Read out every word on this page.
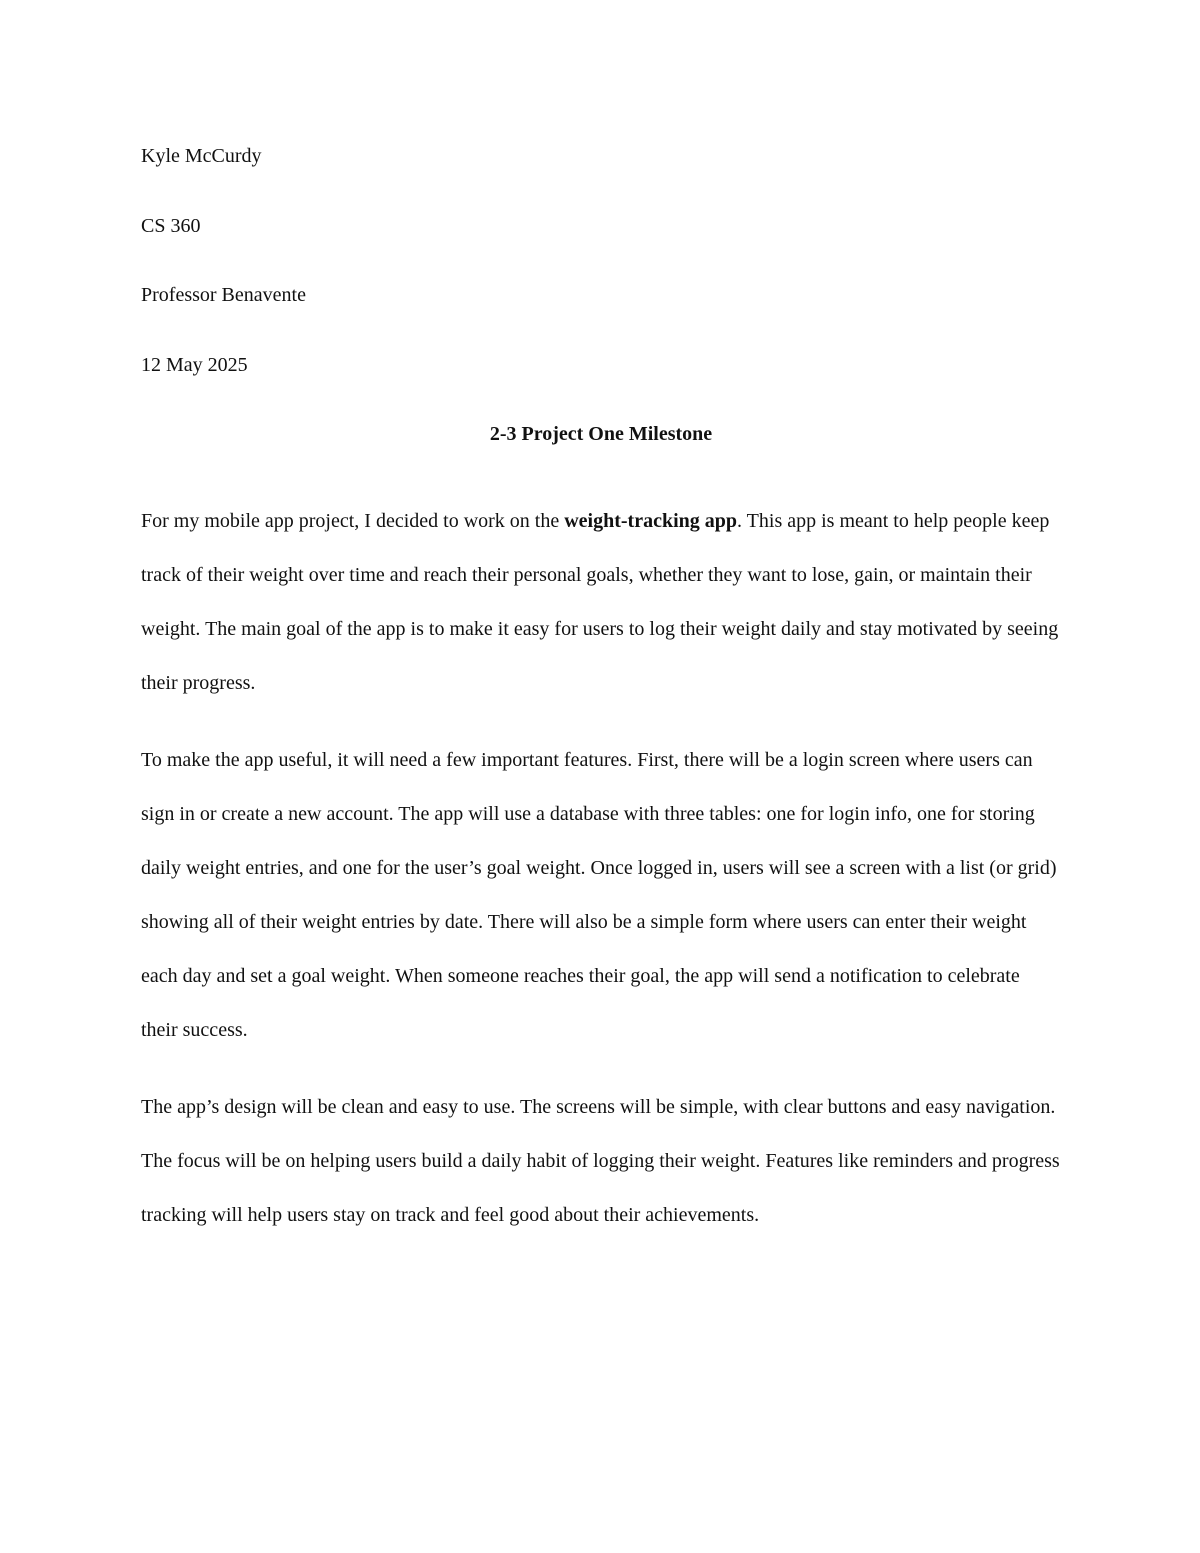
Kyle McCurdy

CS 360

Professor Benavente

12 May 2025

2-3 Project One Milestone

For my mobile app project, I decided to work on the weight-tracking app. This app is meant to help people keep track of their weight over time and reach their personal goals, whether they want to lose, gain, or maintain their weight. The main goal of the app is to make it easy for users to log their weight daily and stay motivated by seeing their progress.

To make the app useful, it will need a few important features. First, there will be a login screen where users can sign in or create a new account. The app will use a database with three tables: one for login info, one for storing daily weight entries, and one for the user’s goal weight. Once logged in, users will see a screen with a list (or grid) showing all of their weight entries by date. There will also be a simple form where users can enter their weight each day and set a goal weight. When someone reaches their goal, the app will send a notification to celebrate their success.

The app’s design will be clean and easy to use. The screens will be simple, with clear buttons and easy navigation. The focus will be on helping users build a daily habit of logging their weight. Features like reminders and progress tracking will help users stay on track and feel good about their achievements.
